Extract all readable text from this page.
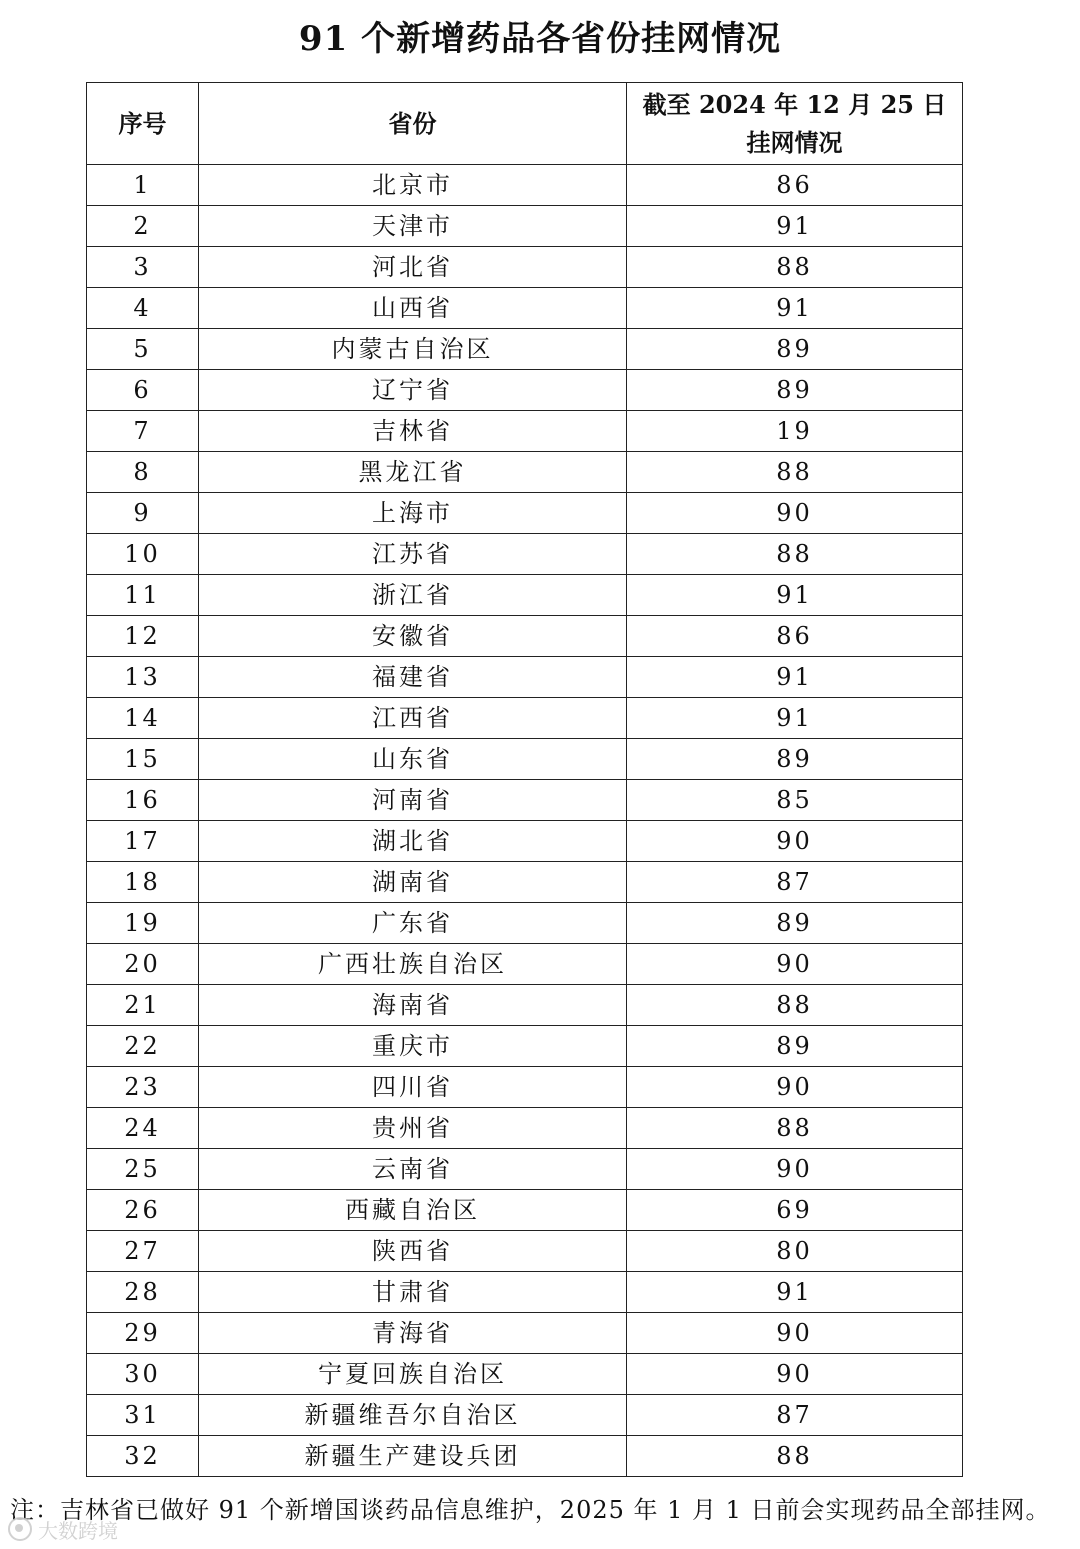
91 个新增药品各省份挂网情况
序号	省份	截至 2024 年 12 月 25 日挂网情况

1	北京市	86
2	天津市	91
3	河北省	88
4	山西省	91
5	内蒙古自治区	89
6	辽宁省	89
7	吉林省	19
8	黑龙江省	88
9	上海市	90
10	江苏省	88
11	浙江省	91
12	安徽省	86
13	福建省	91
14	江西省	91
15	山东省	89
16	河南省	85
17	湖北省	90
18	湖南省	87
19	广东省	89
20	广西壮族自治区	90
21	海南省	88
22	重庆市	89
23	四川省	90
24	贵州省	88
25	云南省	90
26	西藏自治区	69
27	陕西省	80
28	甘肃省	91
29	青海省	90
30	宁夏回族自治区	90
31	新疆维吾尔自治区	87
32	新疆生产建设兵团	88
注：吉林省已做好 91 个新增国谈药品信息维护，2025 年 1 月 1 日前会实现药品全部挂网。
大数跨境
